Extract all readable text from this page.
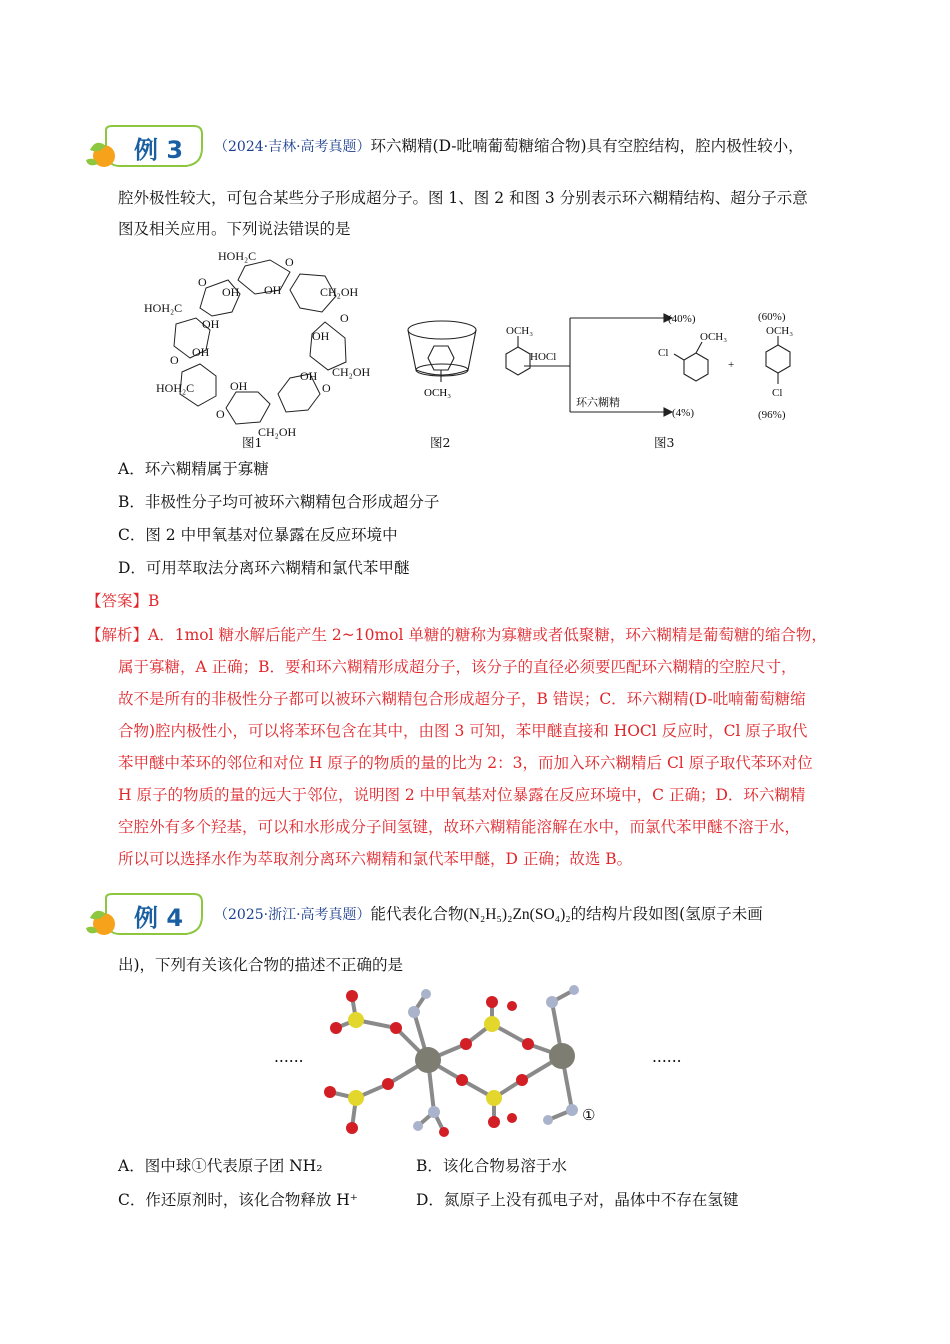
例 3 （2024·吉林·高考真题）环六糊精(D-吡喃葡萄糖缩合物)具有空腔结构，腔内极性较小，
腔外极性较大，可包合某些分子形成超分子。图 1、图 2 和图 3 分别表示环六糊精结构、超分子示意
图及相关应用。下列说法错误的是
HOH₂C
HOH₂C
HOH₂C
CH₂OH
CH₂OH
CH₂OH
OH OH
OH
OH
OH
OH
OH
O
O
O
O
O
O
图1
OCH₃
图2
OCH₃
HOCl
环六糊精
(40%)
(4%)
(60%)
(96%)
OCH₃
Cl
+
OCH₃
Cl
图3
A．环六糊精属于寡糖
B．非极性分子均可被环六糊精包合形成超分子
C．图 2 中甲氧基对位暴露在反应环境中
D．可用萃取法分离环六糊精和氯代苯甲醚
【答案】B
【解析】A．1mol 糖水解后能产生 2~10mol 单糖的糖称为寡糖或者低聚糖，环六糊精是葡萄糖的缩合物，
属于寡糖，A 正确；B．要和环六糊精形成超分子，该分子的直径必须要匹配环六糊精的空腔尺寸，
故不是所有的非极性分子都可以被环六糊精包合形成超分子，B 错误；C．环六糊精(D-吡喃葡萄糖缩
合物)腔内极性小，可以将苯环包含在其中，由图 3 可知，苯甲醚直接和 HOCl 反应时，Cl 原子取代
苯甲醚中苯环的邻位和对位 H 原子的物质的量的比为 2：3，而加入环六糊精后 Cl 原子取代苯环对位
H 原子的物质的量的远大于邻位，说明图 2 中甲氧基对位暴露在反应环境中，C 正确；D．环六糊精
空腔外有多个羟基，可以和水形成分子间氢键，故环六糊精能溶解在水中，而氯代苯甲醚不溶于水，
所以可以选择水作为萃取剂分离环六糊精和氯代苯甲醚，D 正确；故选 B。
例 4 （2025·浙江·高考真题）能代表化合物(N₂H₅)₂Zn(SO₄)₂的结构片段如图(氢原子未画
出)，下列有关该化合物的描述不正确的是
......	......
①
A．图中球①代表原子团 NH₂	B．该化合物易溶于水
C．作还原剂时，该化合物释放 H⁺	D．氮原子上没有孤电子对，晶体中不存在氢键
